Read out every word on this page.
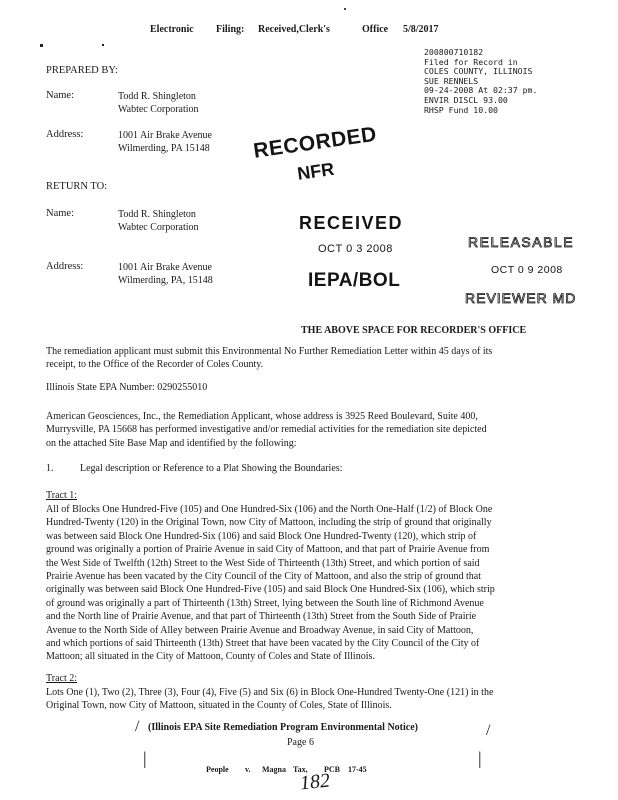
Electronic Filing: Received,Clerk's	Office 5/8/2017
200800710182
Filed for Record in
COLES COUNTY, ILLINOIS
SUE RENNELS
09-24-2008 At 02:37 pm.
ENVIR DISCL 93.00
RHSP Fund 10.00
PREPARED BY:
Name:	Todd R. Shingleton
Wabtec Corporation
Address:	1001 Air Brake Avenue
Wilmerding, PA 15148
RETURN TO:
Name:	Todd R. Shingleton
Wabtec Corporation
Address:	1001 Air Brake Avenue
Wilmerding, PA, 15148
RECORDED
NFR
RECEIVED
OCT 0 3 2008
IEPA/BOL
RELEASABLE
OCT 0 9 2008
REVIEWER MD
THE ABOVE SPACE FOR RECORDER'S OFFICE
The remediation applicant must submit this Environmental No Further Remediation Letter within 45 days of its
receipt, to the Office of the Recorder of Coles County.
Illinois State EPA Number: 0290255010
American Geosciences, Inc., the Remediation Applicant, whose address is 3925 Reed Boulevard, Suite 400,
Murrysville, PA 15668 has performed investigative and/or remedial activities for the remediation site depicted
on the attached Site Base Map and identified by the following:
1.	Legal description or Reference to a Plat Showing the Boundaries:
Tract 1:
All of Blocks One Hundred-Five (105) and One Hundred-Six (106) and the North One-Half (1/2) of Block One
Hundred-Twenty (120) in the Original Town, now City of Mattoon, including the strip of ground that originally
was between said Block One Hundred-Six (106) and said Block One Hundred-Twenty (120), which strip of
ground was originally a portion of Prairie Avenue in said City of Mattoon, and that part of Prairie Avenue from
the West Side of Twelfth (12th) Street to the West Side of Thirteenth (13th) Street, and which portion of said
Prairie Avenue has been vacated by the City Council of the City of Mattoon, and also the strip of ground that
originally was between said Block One Hundred-Five (105) and said Block One Hundred-Six (106), which strip
of ground was originally a part of Thirteenth (13th) Street, lying between the South line of Richmond Avenue
and the North line of Prairie Avenue, and that part of Thirteenth (13th) Street from the South Side of Prairie
Avenue to the North Side of Alley between Prairie Avenue and Broadway Avenue, in said City of Mattoon,
and which portions of said Thirteenth (13th) Street that have been vacated by the City Council of the City of
Mattoon; all situated in the City of Mattoon, County of Coles and State of Illinois.
Tract 2:
Lots One (1), Two (2), Three (3), Four (4), Five (5) and Six (6) in Block One-Hundred Twenty-One (121) in the
Original Town, now City of Mattoon, situated in the County of Coles, State of Illinois.
/ (Illinois EPA Site Remediation Program Environmental Notice)	/
Page 6
|	|
People v. Magna Tax, PCB 17-45
182
